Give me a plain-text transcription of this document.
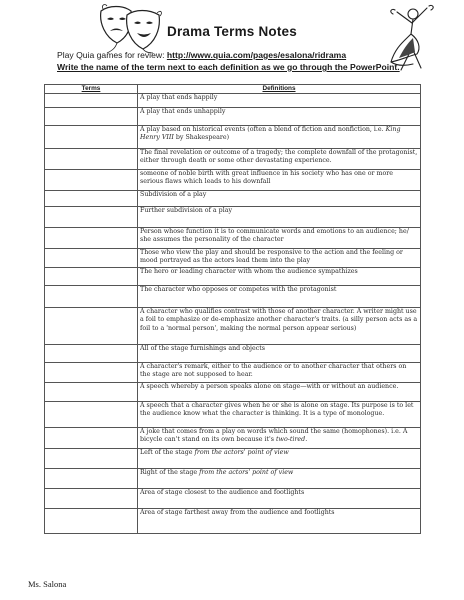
Drama Terms Notes
Play Quia games for review: http://www.quia.com/pages/esalona/ridrama
Write the name of the term next to each definition as we go through the PowerPoint.
Terms	Definitions
	A play that ends happily
	A play that ends unhappily
	A play based on historical events (often a blend of fiction and nonfiction, i.e. King Henry VIII by Shakespeare)
	The final revelation or outcome of a tragedy; the complete downfall of the protagonist, either through death or some other devastating experience.
	someone of noble birth with great influence in his society who has one or more serious flaws which leads to his downfall
	Subdivision of a play
	Further subdivision of a play
	Person whose function it is to communicate words and emotions to an audience; he/ she assumes the personality of the character
	Those who view the play and should be responsive to the action and the feeling or mood portrayed as the actors lead them into the play
	The hero or leading character with whom the audience sympathizes
	The character who opposes or competes with the protagonist
	A character who qualifies contrast with those of another character. A writer might use a foil to emphasize or de-emphasize another character's traits. (a silly person acts as a foil to a 'normal person', making the normal person appear serious)
	All of the stage furnishings and objects
	A character's remark, either to the audience or to another character that others on the stage are not supposed to hear.
	A speech whereby a person speaks alone on stage—with or without an audience.
	A speech that a character gives when he or she is alone on stage. Its purpose is to let the audience know what the character is thinking. It is a type of monologue.
	A joke that comes from a play on words which sound the same (homophones). i.e. A bicycle can't stand on its own because it's two-tired.
	Left of the stage from the actors' point of view
	Right of the stage from the actors' point of view
	Area of stage closest to the audience and footlights
	Area of stage farthest away from the audience and footlights
Ms. Salona
